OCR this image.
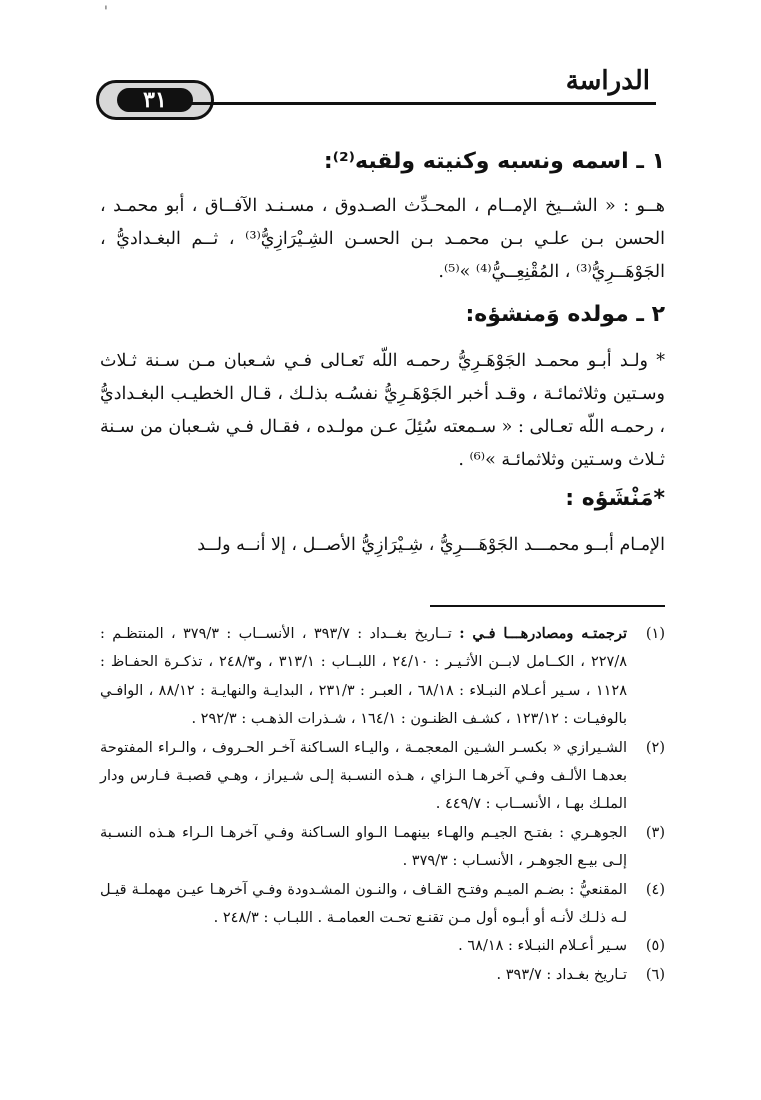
'
٣١
الدراسة
١ ـ اسمه ونسبه وكنيته ولقبه⁽²⁾:

هــو : « الشــيخ الإمــام ، المحـدِّث الصـدوق ، مسـنـد الآفــاق ، أبو محمـد ، الحسن بـن علـي بـن محمـد بـن الحسـن الشِـيْرَازِيُّ⁽³⁾ ، ثــم البغـداديُّ ، الجَوْهَــرِيُّ⁽³⁾ ، المُقْنِعِــيُّ⁽⁴⁾ »⁽⁵⁾.

٢ ـ مولده وَمنشؤه:

* ولـد أبـو محمـد الجَوْهَـرِيُّ رحمـه اللّه تَعـالى فـي شـعبان مـن سـنة ثـلاث وسـتين وثلاثمائـة ، وقـد أخبر الجَوْهَـرِيُّ نفسُـه بذلـك ، قـال الخطيـب البغـداديُّ ، رحمـه اللّه تعـالى : « سـمعته سُئِلَ عـن مولـده ، فقـال فـي شـعبان من سـنة ثـلاث وسـتين وثلاثمائـة »⁽⁶⁾ .

*مَنْشَؤه :

الإمـام أبــو محمـــد الجَوْهَـــرِيُّ ، شِـيْرَازِيُّ الأصــل ، إلا أنــه ولــد

(١)
ترجمتـه ومصادرهـــا فـي : تــاريخ بغــداد : ٣٩٣/٧ ، الأنســاب : ٣٧٩/٣ ، المنتظـم : ٢٢٧/٨ ، الكــامل لابــن الأثـيـر : ٢٤/١٠ ، اللبــاب : ٣١٣/١ ، و٢٤٨/٣ ، تذكـرة الحفـاظ : ١١٢٨ ، سـير أعـلام النبـلاء : ٦٨/١٨ ، العبـر : ٢٣١/٣ ، البدايـة والنهايـة : ٨٨/١٢ ، الوافـي بالوفيـات : ١٢٣/١٢ ، كشـف الظنـون : ١٦٤/١ ، شـذرات الذهـب : ٢٩٢/٣ .
(٢)
الشـيرازي « بكسـر الشـين المعجمـة ، واليـاء السـاكنة آخـر الحـروف ، والـراء المفتوحة بعدهـا الألـف وفـي آخرهـا الـزاي ، هـذه النسـبة إلـى شـيراز ، وهـي قصبـة فـارس ودار الملـك بهـا ، الأنســاب : ٤٤٩/٧ .
(٣)
الجوهـري : بفتـح الجيـم والهـاء بينهمـا الـواو السـاكنة وفـي آخرهـا الـراء هـذه النسـبة إلـى بيـع الجوهـر ، الأنسـاب : ٣٧٩/٣ .
(٤)
المقنعيُّ : بضـم الميـم وفتـح القـاف ، والنـون المشـدودة وفـي آخرهـا عيـن مهملـة قيـل لـه ذلـك لأنـه أو أبـوه أول مـن تقنـع تحـت العمامـة . اللبـاب : ٢٤٨/٣ .
(٥)
سـير أعـلام النبـلاء : ٦٨/١٨ .
(٦)
تـاريخ بغـداد : ٣٩٣/٧ .
